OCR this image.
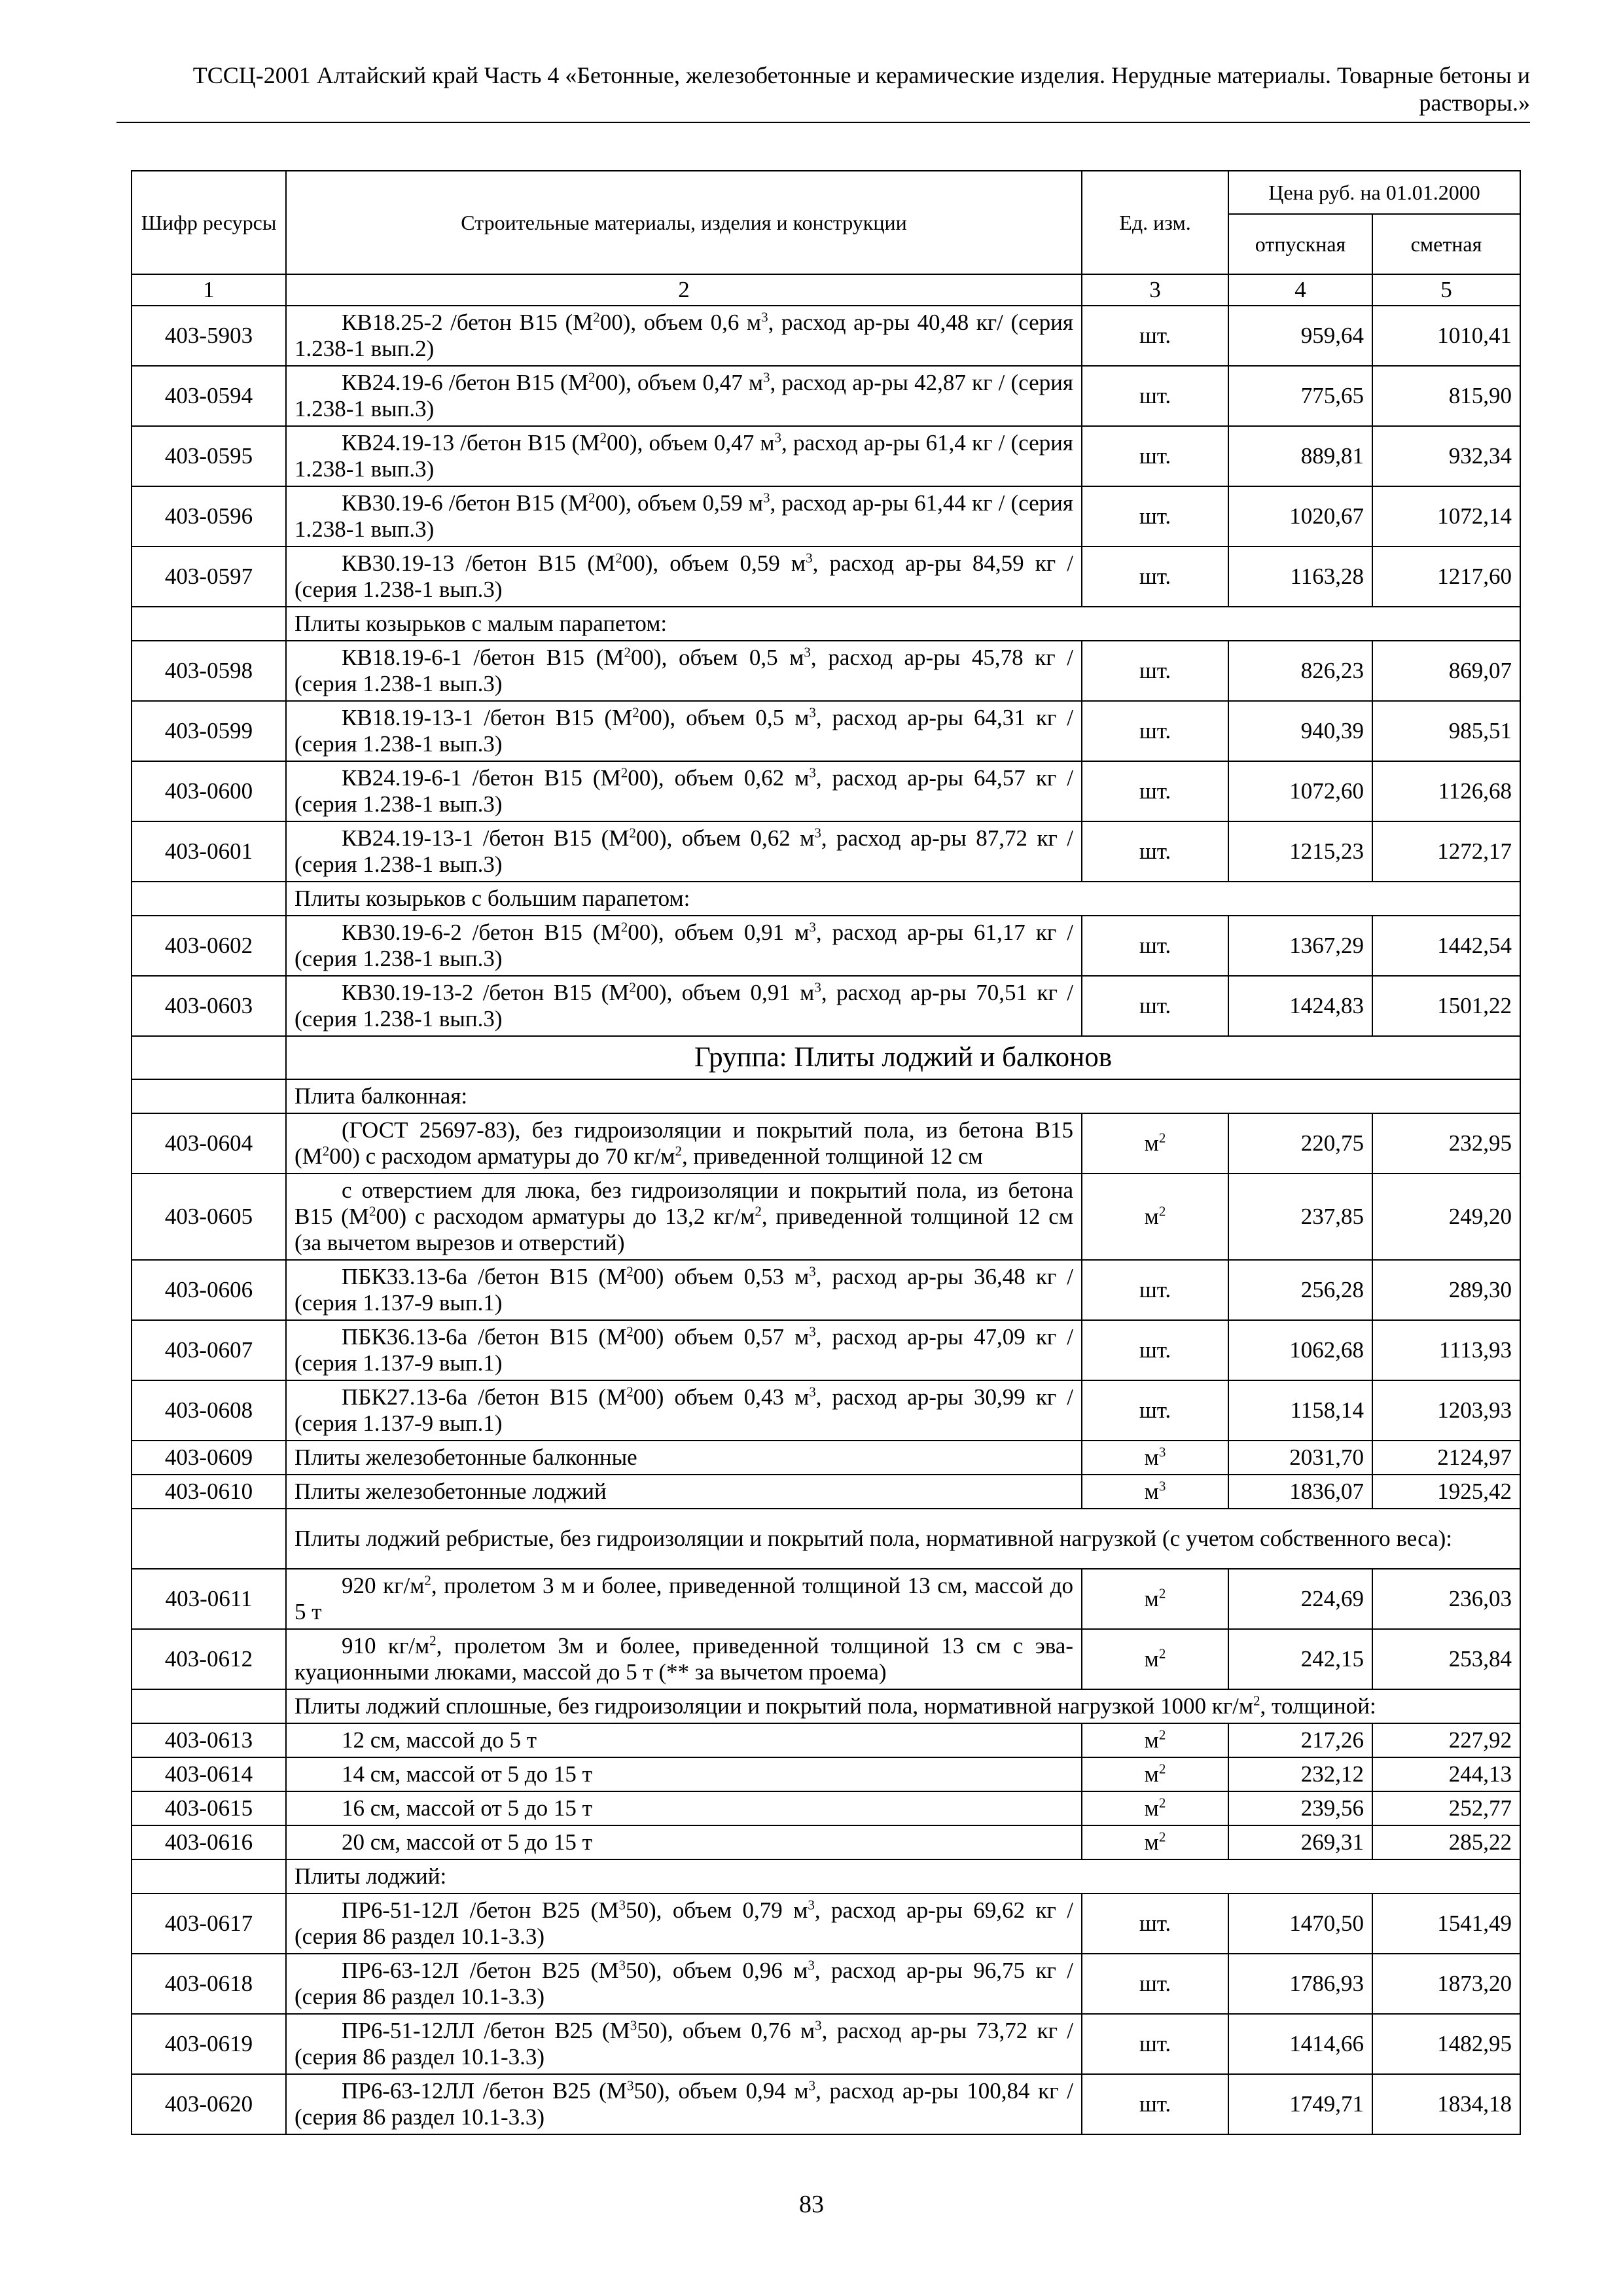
ТССЦ-2001 Алтайский край Часть 4 «Бетонные, железобетонные и керамические изделия. Нерудные материалы. Товарные бетоны и
растворы.»
Шифр ресурсы	Строительные материалы, изделия и конструкции	Ед. изм.	Цена руб. на 01.01.2000	
			отпускная	сметная
1	2	3	4	5
403-5903	КВ18.25-2 /бетон В15 $(М^200)$, объем 0,6 $м^3$, расход ар-ры 40,48 кг/ (серия 1.238-1 вып.2)	шт.	959,64	1010,41
403-0594	КВ24.19-6 /бетон В15 $(М^200)$, объем 0,47 $м^3$, расход ар-ры 42,87 кг / (серия 1.238-1 вып.3)	шт.	775,65	815,90
403-0595	КВ24.19-13 /бетон В15 $(М^200)$, объем 0,47 $м^3$, расход ар-ры 61,4 кг / (серия 1.238-1 вып.3)	шт.	889,81	932,34
403-0596	КВ30.19-6 /бетон В15 $(М^200)$, объем 0,59 $м^3$, расход ар-ры 61,44 кг / (серия 1.238-1 вып.3)	шт.	1020,67	1072,14
403-0597	КВ30.19-13 /бетон В15 $(М^200)$, объем 0,59 $м^3$, расход ар-ры 84,59 кг / (серия 1.238-1 вып.3)	шт.	1163,28	1217,60
	Плиты козырьков с малым парапетом:			
403-0598	КВ18.19-6-1 /бетон В15 $(М^200)$, объем 0,5 $м^3$, расход ар-ры 45,78 кг / (серия 1.238-1 вып.3)	шт.	826,23	869,07
403-0599	КВ18.19-13-1 /бетон В15 $(М^200)$, объем 0,5 $м^3$, расход ар-ры 64,31 кг / (серия 1.238-1 вып.3)	шт.	940,39	985,51
403-0600	КВ24.19-6-1 /бетон В15 $(М^200)$, объем 0,62 $м^3$, расход ар-ры 64,57 кг / (серия 1.238-1 вып.3)	шт.	1072,60	1126,68
403-0601	КВ24.19-13-1 /бетон В15 $(М^200)$, объем 0,62 $м^3$, расход ар-ры 87,72 кг / (серия 1.238-1 вып.3)	шт.	1215,23	1272,17
	Плиты козырьков с большим парапетом:			
403-0602	КВ30.19-6-2 /бетон В15 $(М^200)$, объем 0,91 $м^3$, расход ар-ры 61,17 кг / (серия 1.238-1 вып.3)	шт.	1367,29	1442,54
403-0603	КВ30.19-13-2 /бетон В15 $(М^200)$, объем 0,91 $м^3$, расход ар-ры 70,51 кг / (серия 1.238-1 вып.3)	шт.	1424,83	1501,22
	Группа: Плиты лоджий и балконов			
	Плита балконная:			
403-0604	(ГОСТ 25697-83), без гидроизоляции и покрытий пола, из бетона В15 $(М^200)$ с расходом арматуры до 70 $кг/м^2$, приведенной толщиной 12 см	$м^2$	220,75	232,95
403-0605	с отверстием для люка, без гидроизоляции и покрытий пола, из бетона В15 $(М^200)$ с расходом арматуры до 13,2 $кг/м^2$, приведенной толщиной 12 см (за вычетом вырезов и отверстий)	$м^2$	237,85	249,20
403-0606	ПБК33.13-6а /бетон В15 $(М^200)$ объем 0,53 $м^3$, расход ар-ры 36,48 кг / (серия 1.137-9 вып.1)	шт.	256,28	289,30
403-0607	ПБК36.13-6а /бетон В15 $(М^200)$ объем 0,57 $м^3$, расход ар-ры 47,09 кг / (серия 1.137-9 вып.1)	шт.	1062,68	1113,93
403-0608	ПБК27.13-6а /бетон В15 $(М^200)$ объем 0,43 $м^3$, расход ар-ры 30,99 кг / (серия 1.137-9 вып.1)	шт.	1158,14	1203,93
403-0609	Плиты железобетонные балконные	$м^3$	2031,70	2124,97
403-0610	Плиты железобетонные лоджий	$м^3$	1836,07	1925,42
	Плиты лоджий ребристые, без гидроизоляции и покрытий пола, нормативной нагрузкой (с учетом собственного веса):			
403-0611	920 $кг/м^2$, пролетом 3 м и более, приведенной толщиной 13 см, массой до 5 т	$м^2$	224,69	236,03
403-0612	910 $кг/м^2$, пролетом 3м и более, приведенной толщиной 13 см с эва-куационными люками, массой до 5 т (** за вычетом проема)	$м^2$	242,15	253,84
	Плиты лоджий сплошные, без гидроизоляции и покрытий пола, нормативной нагрузкой 1000 $кг/м^2$, толщиной:			
403-0613	12 см, массой до 5 т	$м^2$	217,26	227,92
403-0614	14 см, массой от 5 до 15 т	$м^2$	232,12	244,13
403-0615	16 см, массой от 5 до 15 т	$м^2$	239,56	252,77
403-0616	20 см, массой от 5 до 15 т	$м^2$	269,31	285,22
	Плиты лоджий:			
403-0617	ПР6-51-12Л /бетон В25 $(М^350)$, объем 0,79 $м^3$, расход ар-ры 69,62 кг / (серия 86 раздел 10.1-3.3)	шт.	1470,50	1541,49
403-0618	ПР6-63-12Л /бетон В25 $(М^350)$, объем 0,96 $м^3$, расход ар-ры 96,75 кг / (серия 86 раздел 10.1-3.3)	шт.	1786,93	1873,20
403-0619	ПР6-51-12ЛЛ /бетон В25 $(М^350)$, объем 0,76 $м^3$, расход ар-ры 73,72 кг / (серия 86 раздел 10.1-3.3)	шт.	1414,66	1482,95
403-0620	ПР6-63-12ЛЛ /бетон В25 $(М^350)$, объем 0,94 $м^3$, расход ар-ры 100,84 кг / (серия 86 раздел 10.1-3.3)	шт.	1749,71	1834,18
83
